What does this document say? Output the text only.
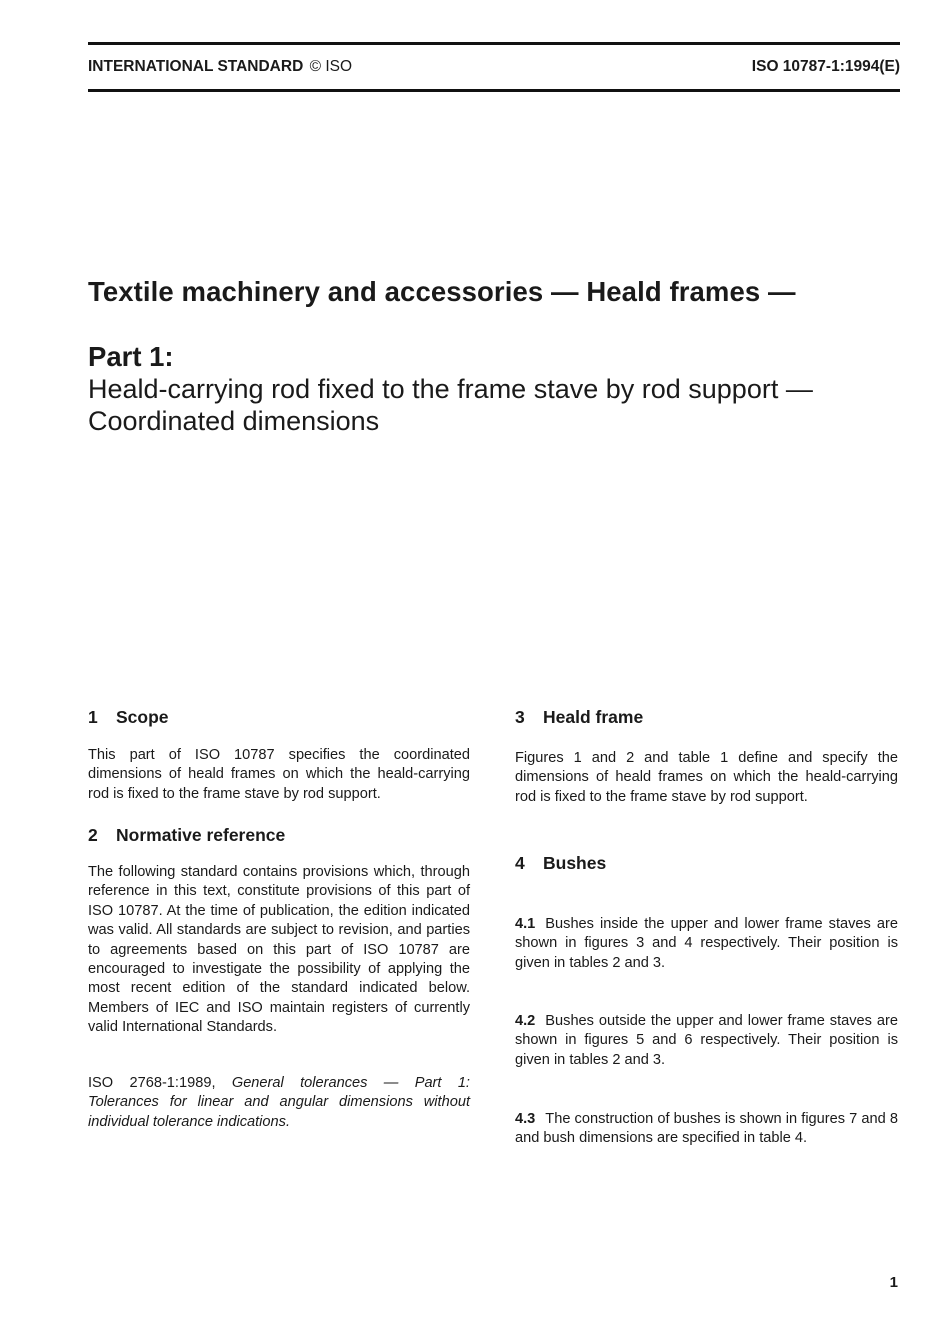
INTERNATIONAL STANDARD © ISO	ISO 10787-1:1994(E)
Textile machinery and accessories — Heald frames —
Part 1:
Heald-carrying rod fixed to the frame stave by rod support — Coordinated dimensions
1 Scope
This part of ISO 10787 specifies the coordinated dimensions of heald frames on which the heald-carrying rod is fixed to the frame stave by rod support.
2 Normative reference
The following standard contains provisions which, through reference in this text, constitute provisions of this part of ISO 10787. At the time of publication, the edition indicated was valid. All standards are subject to revision, and parties to agreements based on this part of ISO 10787 are encouraged to investigate the possibility of applying the most recent edition of the standard indicated below. Members of IEC and ISO maintain registers of currently valid International Standards.
ISO 2768-1:1989, General tolerances — Part 1: Tolerances for linear and angular dimensions without individual tolerance indications.
3 Heald frame
Figures 1 and 2 and table 1 define and specify the dimensions of heald frames on which the heald-carrying rod is fixed to the frame stave by rod support.
4 Bushes
4.1 Bushes inside the upper and lower frame staves are shown in figures 3 and 4 respectively. Their position is given in tables 2 and 3.
4.2 Bushes outside the upper and lower frame staves are shown in figures 5 and 6 respectively. Their position is given in tables 2 and 3.
4.3 The construction of bushes is shown in figures 7 and 8 and bush dimensions are specified in table 4.
1
